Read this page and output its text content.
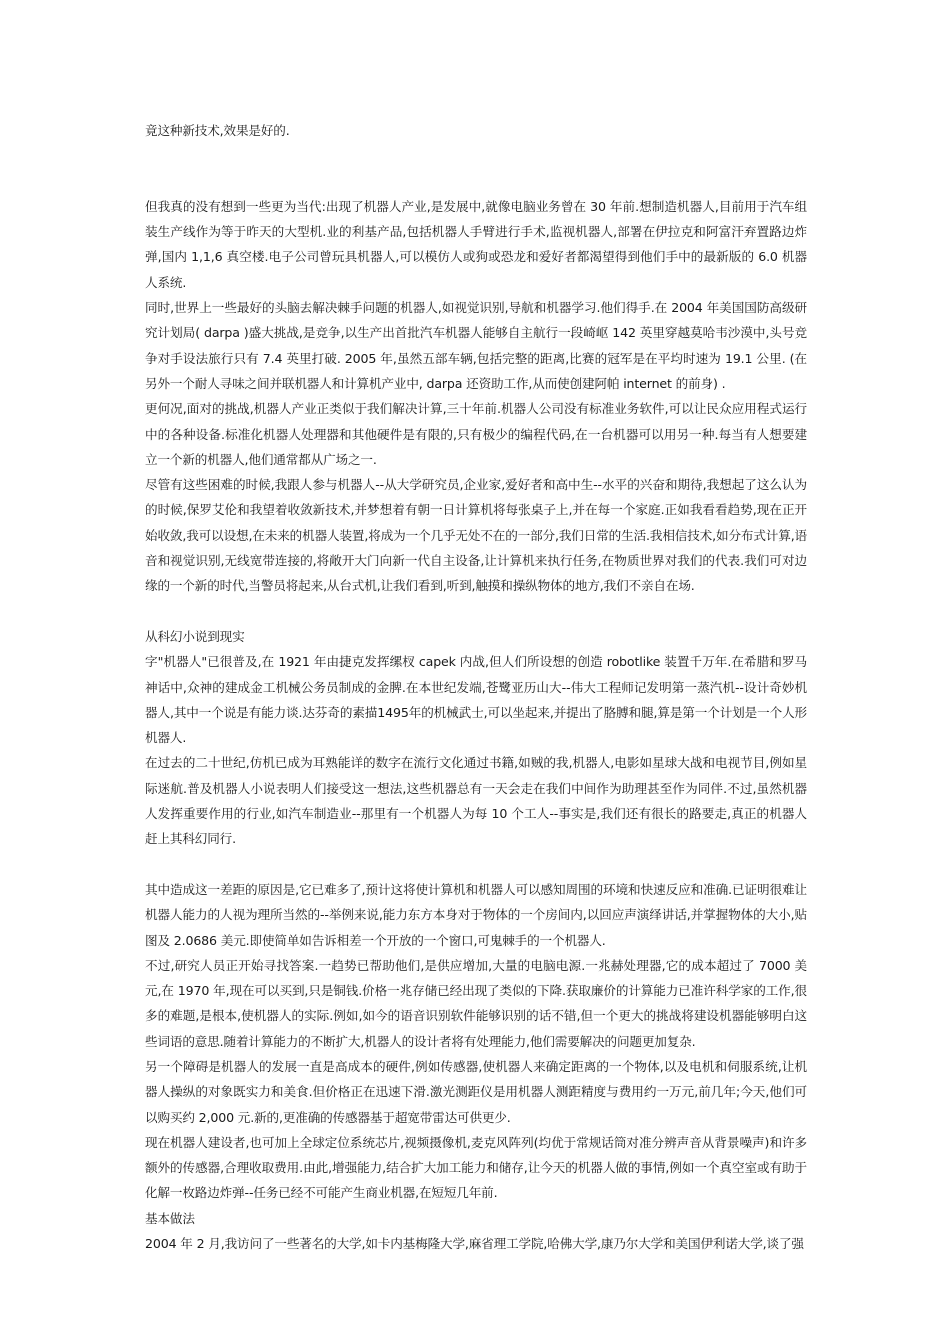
竟这种新技术,效果是好的.

但我真的没有想到一些更为当代:出现了机器人产业,是发展中,就像电脑业务曾在 30 年前.想制造机器人,目前用于汽车组装生产线作为等于昨天的大型机.业的利基产品,包括机器人手臂进行手术,监视机器人,部署在伊拉克和阿富汗弃置路边炸弹,国内 1,1,6 真空楼.电子公司曾玩具机器人,可以模仿人或狗或恐龙和爱好者都渴望得到他们手中的最新版的 6.0 机器人系统.

同时,世界上一些最好的头脑去解决棘手问题的机器人,如视觉识别,导航和机器学习.他们得手.在 2004 年美国国防高级研究计划局( darpa )盛大挑战,是竞争,以生产出首批汽车机器人能够自主航行一段崎岖 142 英里穿越莫哈韦沙漠中,头号竞争对手设法旅行只有 7.4 英里打破. 2005 年,虽然五部车辆,包括完整的距离,比赛的冠军是在平均时速为 19.1 公里. (在另外一个耐人寻味之间并联机器人和计算机产业中, darpa 还资助工作,从而使创建阿帕 internet 的前身) .

更何况,面对的挑战,机器人产业正类似于我们解决计算,三十年前.机器人公司没有标准业务软件,可以让民众应用程式运行中的各种设备.标准化机器人处理器和其他硬件是有限的,只有极少的编程代码,在一台机器可以用另一种.每当有人想要建立一个新的机器人,他们通常都从广场之一.

尽管有这些困难的时候,我跟人参与机器人--从大学研究员,企业家,爱好者和高中生--水平的兴奋和期待,我想起了这么认为的时候,保罗艾伦和我望着收敛新技术,并梦想着有朝一日计算机将每张桌子上,并在每一个家庭.正如我看看趋势,现在正开始收敛,我可以设想,在未来的机器人装置,将成为一个几乎无处不在的一部分,我们日常的生活.我相信技术,如分布式计算,语音和视觉识别,无线宽带连接的,将敞开大门向新一代自主设备,让计算机来执行任务,在物质世界对我们的代表.我们可对边缘的一个新的时代,当警员将起来,从台式机,让我们看到,听到,触摸和操纵物体的地方,我们不亲自在场.

从科幻小说到现实

字"机器人"已很普及,在 1921 年由捷克发挥缧杈 capek 内战,但人们所设想的创造 robotlike 装置千万年.在希腊和罗马神话中,众神的建成金工机械公务员制成的金脾.在本世纪发端,苍鹭亚历山大--伟大工程师记发明第一蒸汽机--设计奇妙机器人,其中一个说是有能力谈.达芬奇的素描1495年的机械武士,可以坐起来,并提出了胳膊和腿,算是第一个计划是一个人形机器人.

在过去的二十世纪,仿机已成为耳熟能详的数字在流行文化通过书籍,如贼的我,机器人,电影如星球大战和电视节目,例如星际迷航.普及机器人小说表明人们接受这一想法,这些机器总有一天会走在我们中间作为助理甚至作为同伴.不过,虽然机器人发挥重要作用的行业,如汽车制造业--那里有一个机器人为每 10 个工人--事实是,我们还有很长的路要走,真正的机器人赶上其科幻同行.

其中造成这一差距的原因是,它已难多了,预计这将使计算机和机器人可以感知周围的环境和快速反应和准确.已证明很难让机器人能力的人视为理所当然的--举例来说,能力东方本身对于物体的一个房间内,以回应声演绎讲话,并掌握物体的大小,贴图及 2.0686 美元.即使简单如告诉相差一个开放的一个窗口,可鬼棘手的一个机器人.

不过,研究人员正开始寻找答案.一趋势已帮助他们,是供应增加,大量的电脑电源.一兆赫处理器,它的成本超过了 7000 美元,在 1970 年,现在可以买到,只是铜钱.价格一兆存储已经出现了类似的下降.获取廉价的计算能力已准许科学家的工作,很多的难题,是根本,使机器人的实际.例如,如今的语音识别软件能够识别的话不错,但一个更大的挑战将建设机器能够明白这些词语的意思.随着计算能力的不断扩大,机器人的设计者将有处理能力,他们需要解决的问题更加复杂.

另一个障碍是机器人的发展一直是高成本的硬件,例如传感器,使机器人来确定距离的一个物体,以及电机和伺服系统,让机器人操纵的对象既实力和美食.但价格正在迅速下滑.激光测距仪是用机器人测距精度与费用约一万元,前几年;今天,他们可以购买约 2,000 元.新的,更准确的传感器基于超宽带雷达可供更少.

现在机器人建设者,也可加上全球定位系统芯片,视频摄像机,麦克风阵列(均优于常规话筒对准分辨声音从背景噪声)和许多额外的传感器,合理收取费用.由此,增强能力,结合扩大加工能力和储存,让今天的机器人做的事情,例如一个真空室或有助于化解一枚路边炸弹--任务已经不可能产生商业机器,在短短几年前.

基本做法

2004 年 2 月,我访问了一些著名的大学,如卡内基梅隆大学,麻省理工学院,哈佛大学,康乃尔大学和美国伊利诺大学,谈了强
